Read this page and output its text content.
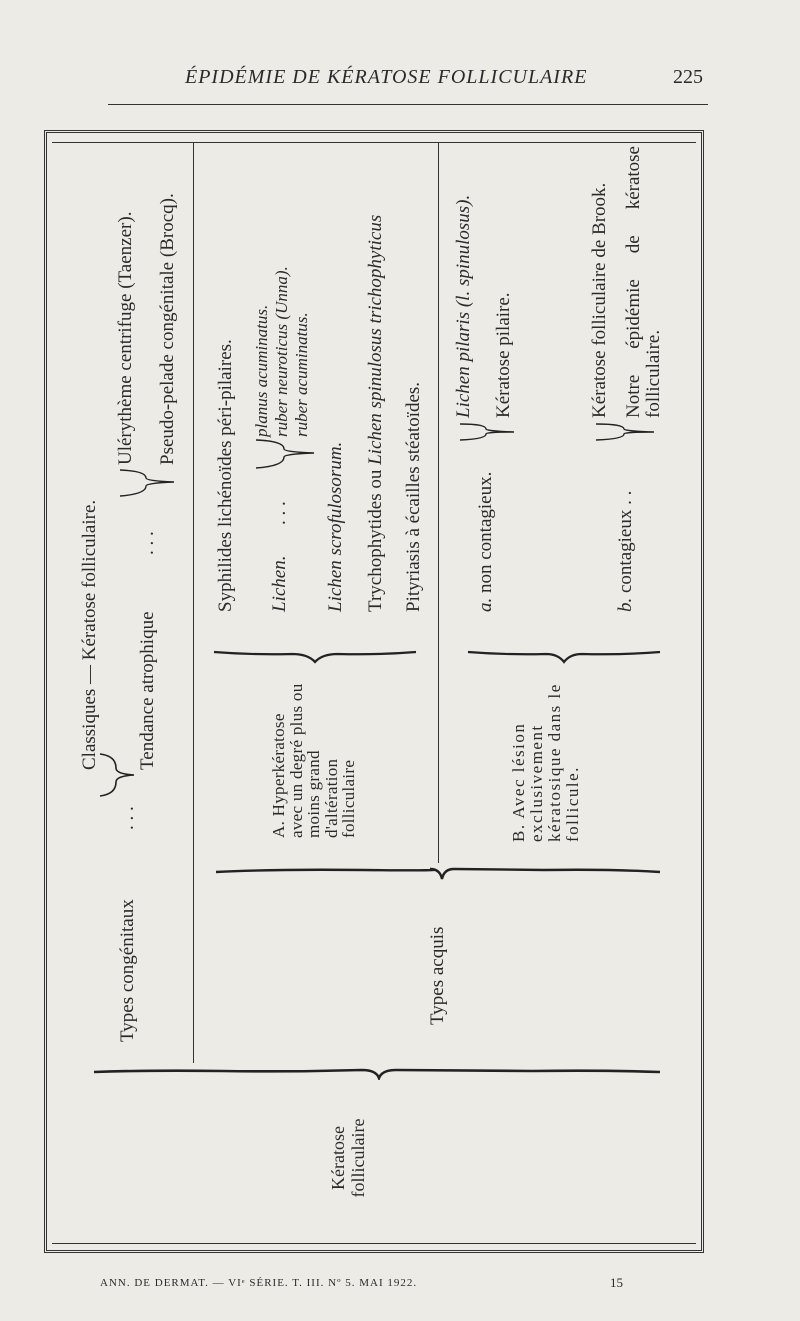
ÉPIDÉMIE DE KÉRATOSE FOLLICULAIRE	225
Kératose folliculaire
Types congénitaux
. . .
Classiques — Kératose folliculaire. Tendance atrophique
. . .
Ulérythème centrifuge (Taenzer). Pseudo-pelade congénitale (Brocq).
Types acquis
A. Hyperkératose avec un degré plus ou moins grand d'altération folliculaire
Syphilides lichénoïdes péri-pilaires. Lichen.
. . .
planus acuminatus. ruber neuroticus (Unna). ruber acuminatus.
Lichen scrofulosorum. Trychophytides ou Lichen spinulosus trichophyticus
Pityriasis à écailles stéatoïdes.
B. Avec lésion exclusivement kératosique dans le follicule.
a. non contagieux.
Lichen pilaris (l. spinulosus). Kératose pilaire.
b. contagieux . .
Kératose folliculaire de Brook. Notre épidémie de kératose folliculaire.
ANN. DE DERMAT. — VIᵉ SÉRIE. T. III. Nº 5. MAI 1922.	15
